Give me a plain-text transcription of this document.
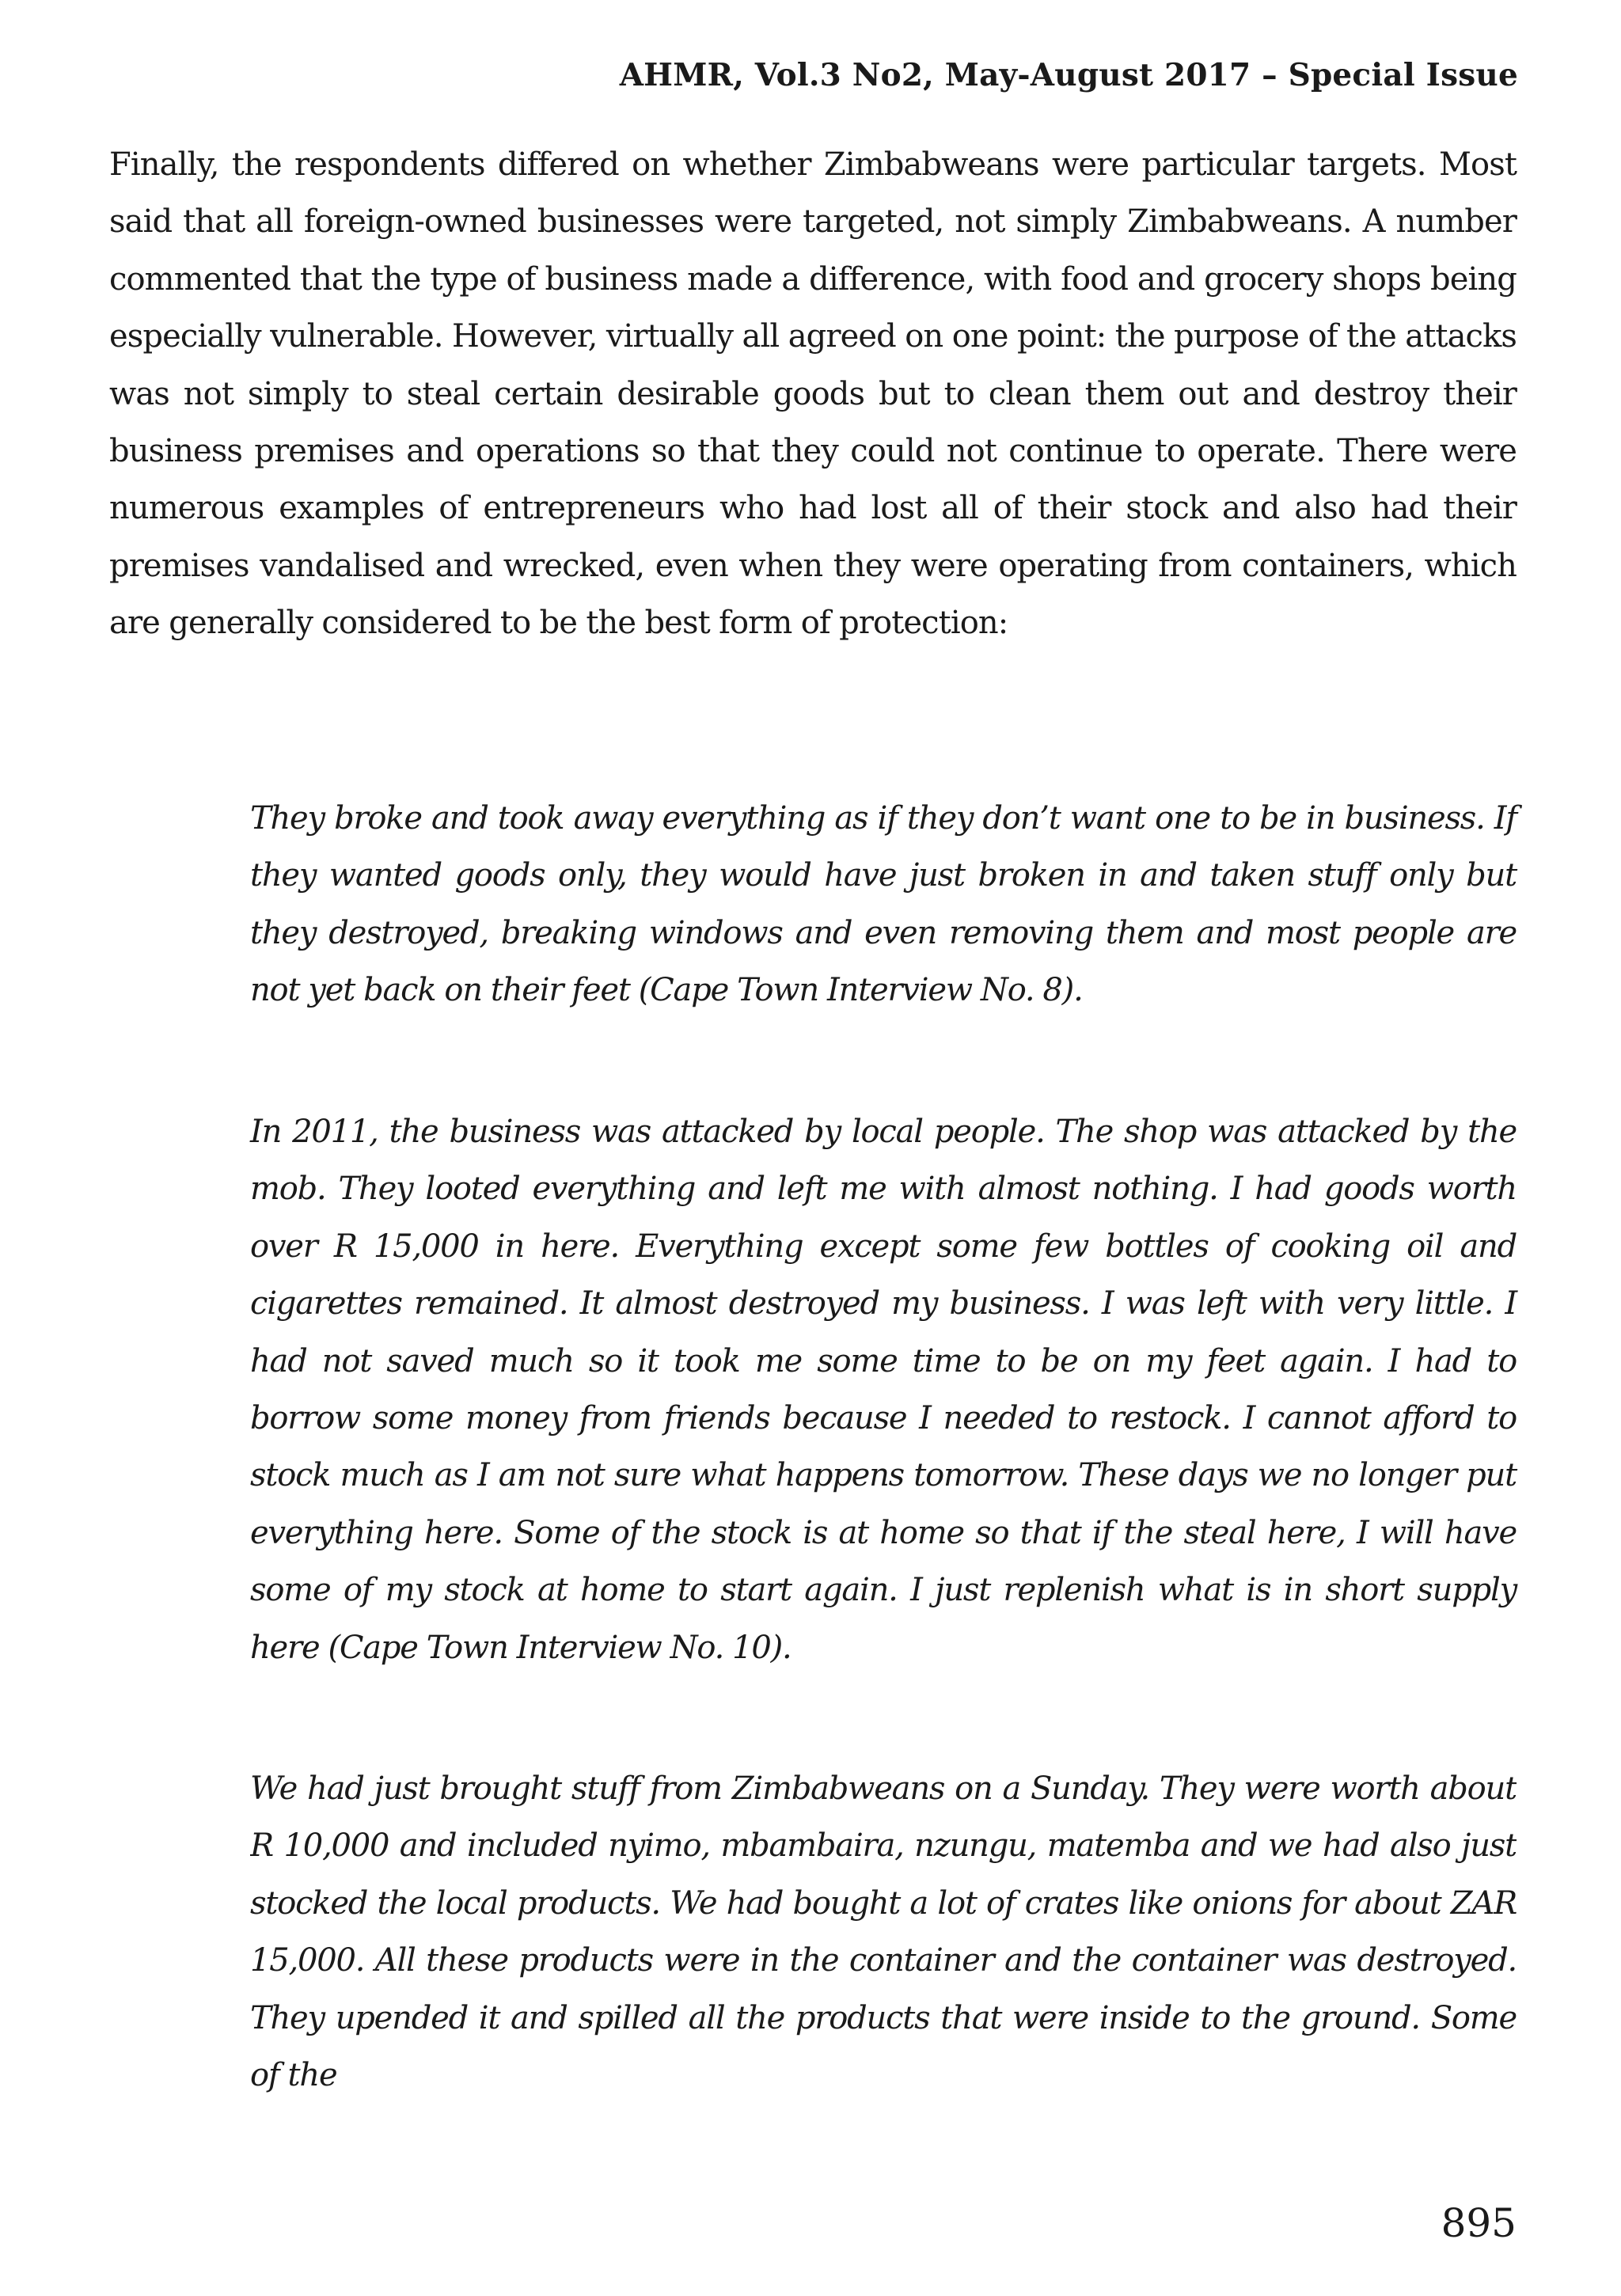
AHMR, Vol.3 No2, May-August 2017 – Special Issue

Finally, the respondents differed on whether Zimbabweans were particular targets. Most said that all foreign-owned businesses were targeted, not simply Zimbabweans. A number commented that the type of business made a difference, with food and grocery shops being especially vulnerable. However, virtually all agreed on one point: the purpose of the attacks was not simply to steal certain desirable goods but to clean them out and destroy their business premises and operations so that they could not continue to operate. There were numerous examples of entrepreneurs who had lost all of their stock and also had their premises vandalised and wrecked, even when they were operating from containers, which are generally considered to be the best form of protection:

They broke and took away everything as if they don’t want one to be in business. If they wanted goods only, they would have just broken in and taken stuff only but they destroyed, breaking windows and even removing them and most people are not yet back on their feet (Cape Town Interview No. 8).

In 2011, the business was attacked by local people. The shop was attacked by the mob. They looted everything and left me with almost nothing. I had goods worth over R 15,000 in here. Everything except some few bottles of cooking oil and cigarettes remained. It almost destroyed my business. I was left with very little. I had not saved much so it took me some time to be on my feet again. I had to borrow some money from friends because I needed to restock. I cannot afford to stock much as I am not sure what happens tomorrow. These days we no longer put everything here. Some of the stock is at home so that if the steal here, I will have some of my stock at home to start again. I just replenish what is in short supply here (Cape Town Interview No. 10).

We had just brought stuff from Zimbabweans on a Sunday. They were worth about R 10,000 and included nyimo, mbambaira, nzungu, matemba and we had also just stocked the local products. We had bought a lot of crates like onions for about ZAR 15,000. All these products were in the container and the container was destroyed. They upended it and spilled all the products that were inside to the ground. Some of the

895
